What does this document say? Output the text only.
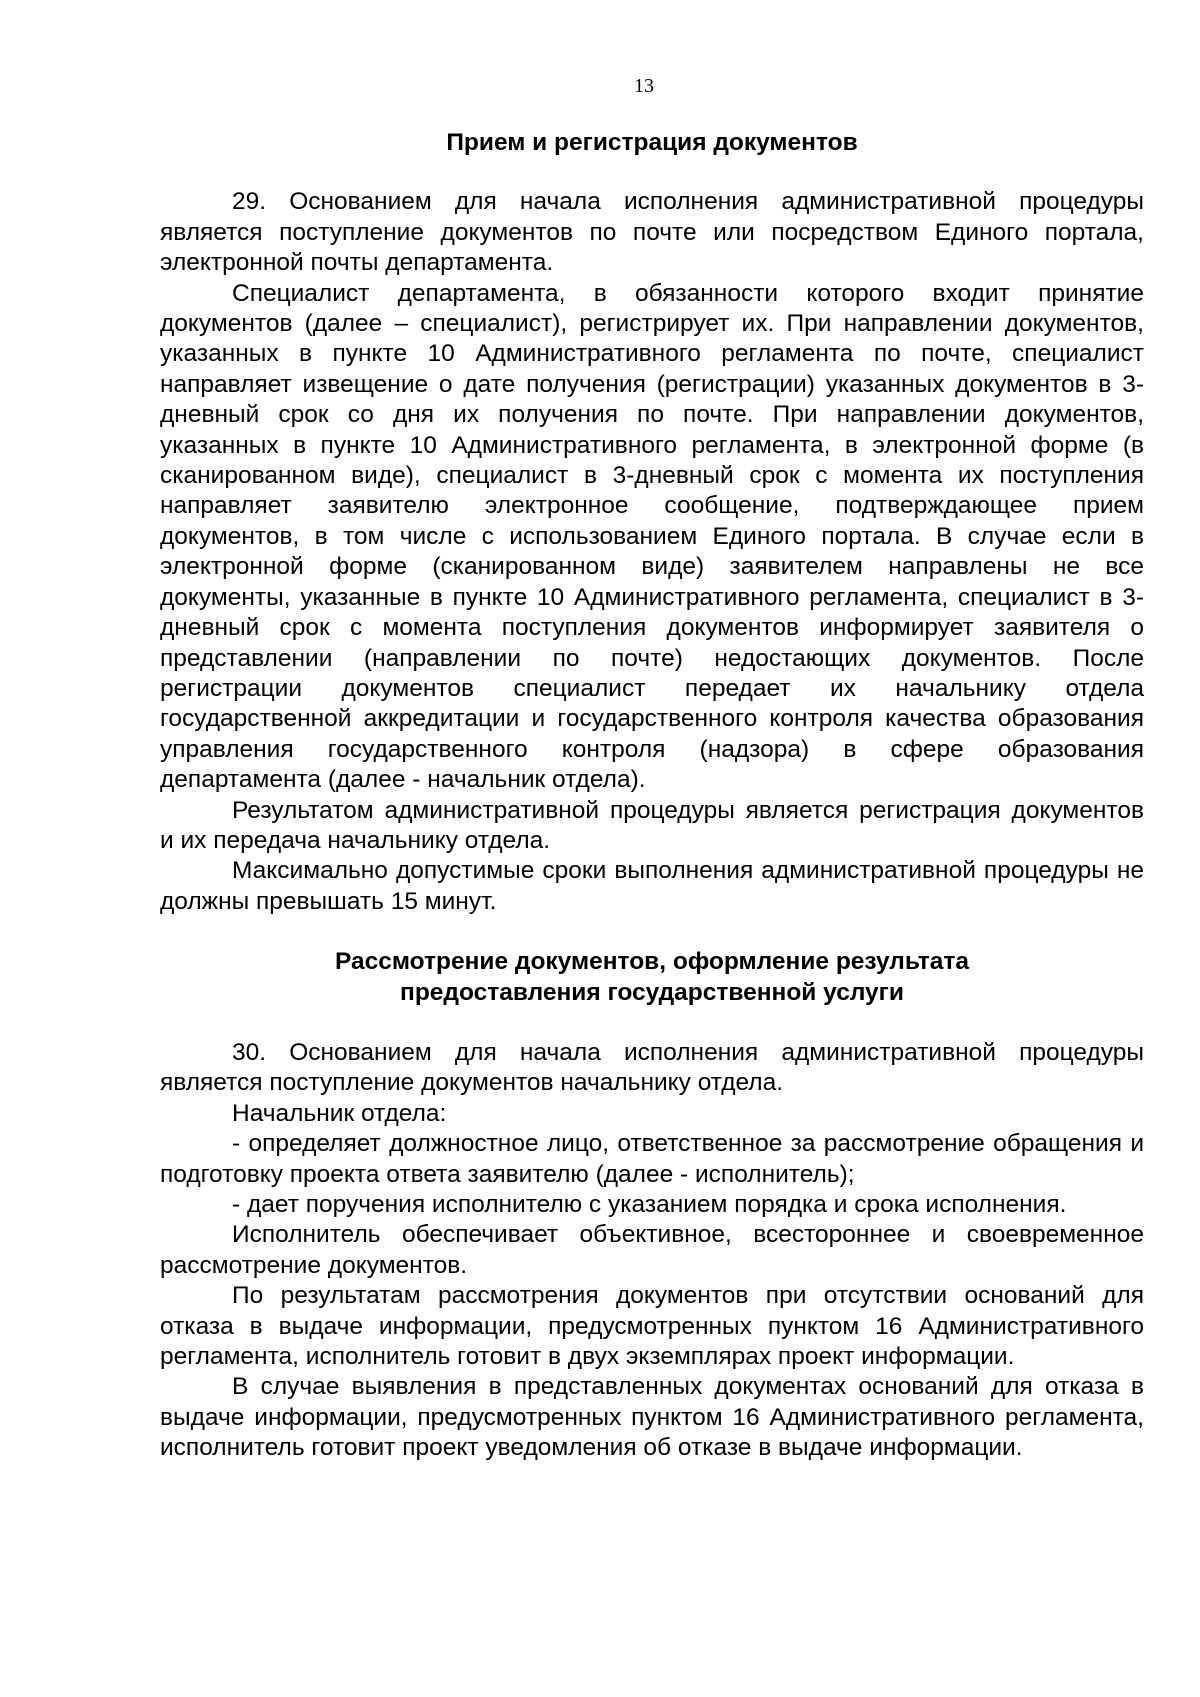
13
Прием и регистрация документов

29. Основанием для начала исполнения административной процедуры является поступление документов по почте или посредством Единого портала, электронной почты департамента.

Специалист департамента, в обязанности которого входит принятие документов (далее – специалист), регистрирует их. При направлении документов, указанных в пункте 10 Административного регламента по почте, специалист направляет извещение о дате получения (регистрации) указанных документов в 3-дневный срок со дня их получения по почте. При направлении документов, указанных в пункте 10 Административного регламента, в электронной форме (в сканированном виде), специалист в 3-дневный срок с момента их поступления направляет заявителю электронное сообщение, подтверждающее прием документов, в том числе с использованием Единого портала. В случае если в электронной форме (сканированном виде) заявителем направлены не все документы, указанные в пункте 10 Административного регламента, специалист в 3-дневный срок с момента поступления документов информирует заявителя о представлении (направлении по почте) недостающих документов. После регистрации документов специалист передает их начальнику отдела государственной аккредитации и государственного контроля качества образования управления государственного контроля (надзора) в сфере образования департамента (далее - начальник отдела).

Результатом административной процедуры является регистрация документов и их передача начальнику отдела.

Максимально допустимые сроки выполнения административной процедуры не должны превышать 15 минут.

Рассмотрение документов, оформление результата
предоставления государственной услуги

30. Основанием для начала исполнения административной процедуры является поступление документов начальнику отдела.

Начальник отдела:

- определяет должностное лицо, ответственное за рассмотрение обращения и подготовку проекта ответа заявителю (далее - исполнитель);

- дает поручения исполнителю с указанием порядка и срока исполнения.

Исполнитель обеспечивает объективное, всестороннее и своевременное рассмотрение документов.

По результатам рассмотрения документов при отсутствии оснований для отказа в выдаче информации, предусмотренных пунктом 16 Административного регламента, исполнитель готовит в двух экземплярах проект информации.

В случае выявления в представленных документах оснований для отказа в выдаче информации, предусмотренных пунктом 16 Административного регламента, исполнитель готовит проект уведомления об отказе в выдаче информации.
